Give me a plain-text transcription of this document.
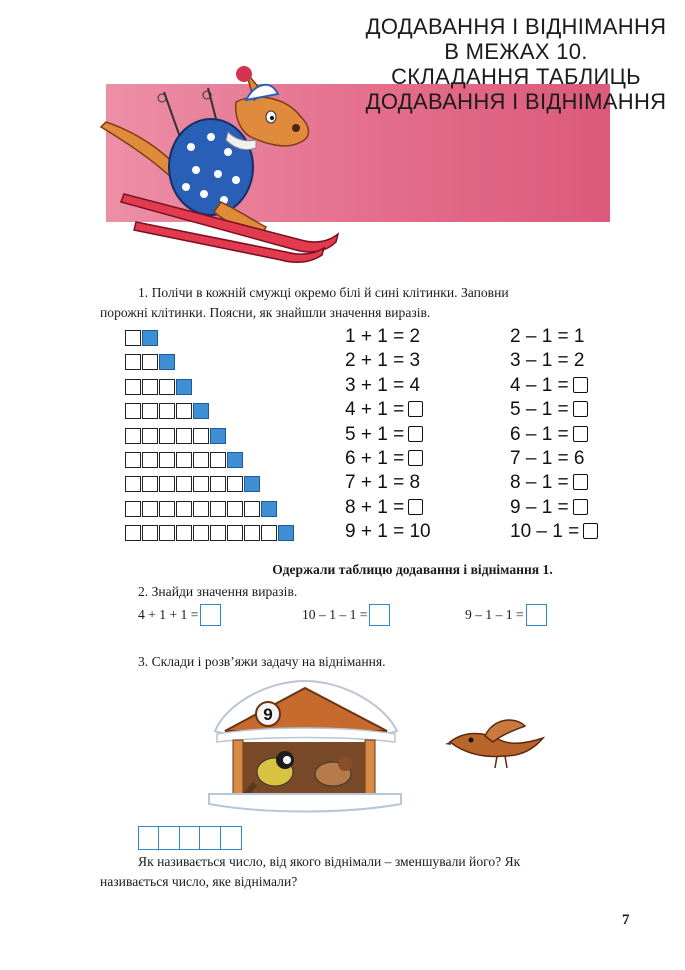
ДОДАВАННЯ І ВІДНІМАННЯ
В МЕЖАХ 10.
СКЛАДАННЯ ТАБЛИЦЬ
ДОДАВАННЯ І ВІДНІМАННЯ
1. Полічи в кожній смужці окремо білі й сині клітинки. Заповни
порожні клітинки. Поясни, як знайшли значення виразів.
1 + 1 = 2
2 + 1 = 3
3 + 1 = 4
4 + 1 =
5 + 1 =
6 + 1 =
7 + 1 = 8
8 + 1 =
9 + 1 = 10
2 – 1 = 1
3 – 1 = 2
4 – 1 =
5 – 1 =
6 – 1 =
7 – 1 = 6
8 – 1 =
9 – 1 =
10 – 1 =
Одержали таблицю додавання і віднімання 1.
2. Знайди значення виразів.
4 + 1 + 1 =	10 – 1 – 1 =	9 – 1 – 1 =
3. Склади і розв’яжи задачу на віднімання.
9
Як називається число, від якого віднімали – зменшували його? Як
називається число, яке віднімали?
7
